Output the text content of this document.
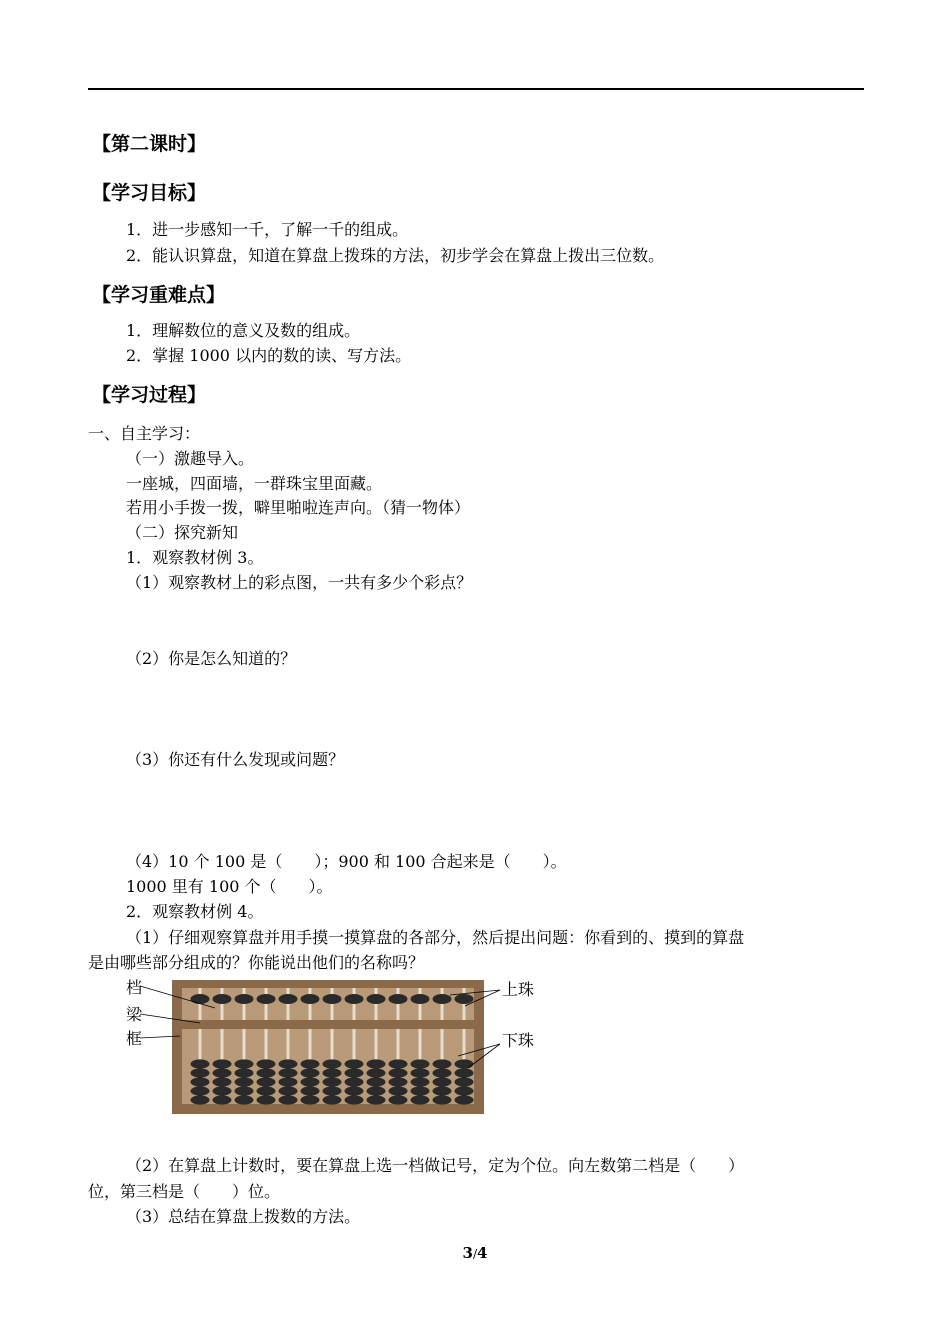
【第二课时】
【学习目标】
1．进一步感知一千，了解一千的组成。
2．能认识算盘，知道在算盘上拨珠的方法，初步学会在算盘上拨出三位数。
【学习重难点】
1．理解数位的意义及数的组成。
2．掌握 1000 以内的数的读、写方法。
【学习过程】
一、自主学习：
（一）激趣导入。
一座城，四面墙，一群珠宝里面藏。
若用小手拨一拨，噼里啪啦连声向。（猜一物体）
（二）探究新知
1．观察教材例 3。
（1）观察教材上的彩点图，一共有多少个彩点？
（2）你是怎么知道的？
（3）你还有什么发现或问题？
（4）10 个 100 是（　　）；900 和 100 合起来是（　　）。
1000 里有 100 个（　　）。
2．观察教材例 4。
（1）仔细观察算盘并用手摸一摸算盘的各部分，然后提出问题：你看到的、摸到的算盘
是由哪些部分组成的？你能说出他们的名称吗？
档
梁
框
上珠
下珠
（2）在算盘上计数时，要在算盘上选一档做记号，定为个位。向左数第二档是（　　）
位，第三档是（　　）位。
（3）总结在算盘上拨数的方法。
3/4
